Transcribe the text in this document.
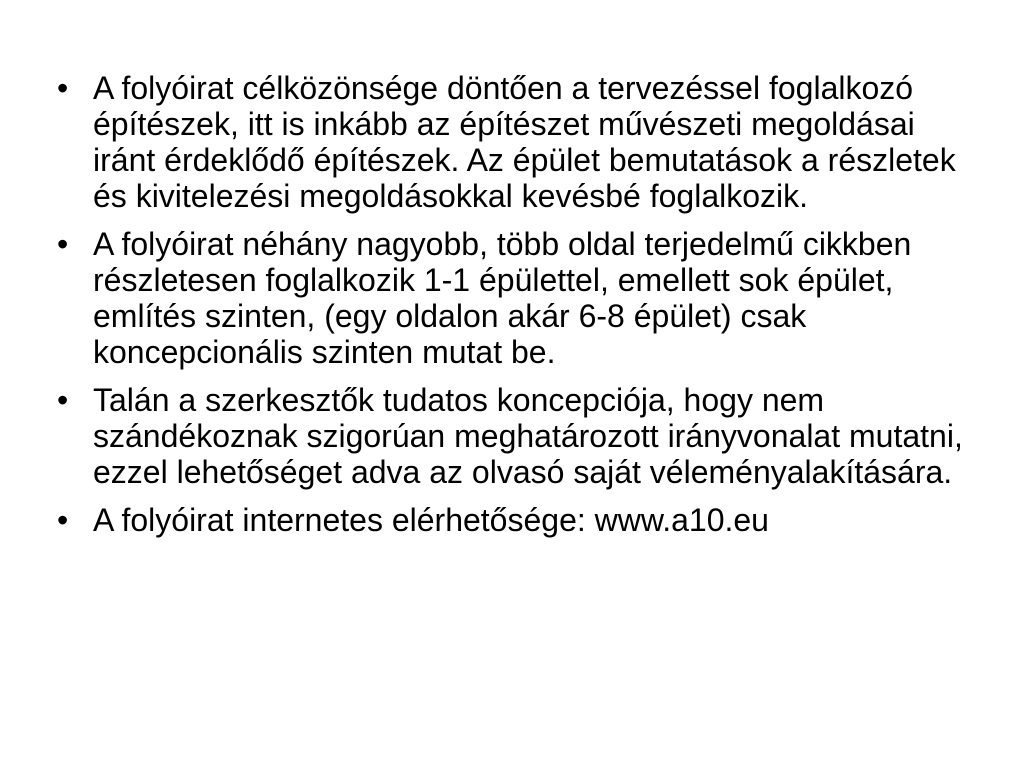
• A folyóirat célközönsége döntően a tervezéssel foglalkozó építészek, itt is inkább az építészet művészeti megoldásai iránt érdeklődő építészek. Az épület bemutatások a részletek és kivitelezési megoldásokkal kevésbé foglalkozik.
• A folyóirat néhány nagyobb, több oldal terjedelmű cikkben részletesen foglalkozik 1-1 épülettel, emellett sok épület, említés szinten, (egy oldalon akár 6-8 épület) csak koncepcionális szinten mutat be.
• Talán a szerkesztők tudatos koncepciója, hogy nem szándékoznak szigorúan meghatározott irányvonalat mutatni, ezzel lehetőséget adva az olvasó saját véleményalakítására.
• A folyóirat internetes elérhetősége: www.a10.eu
